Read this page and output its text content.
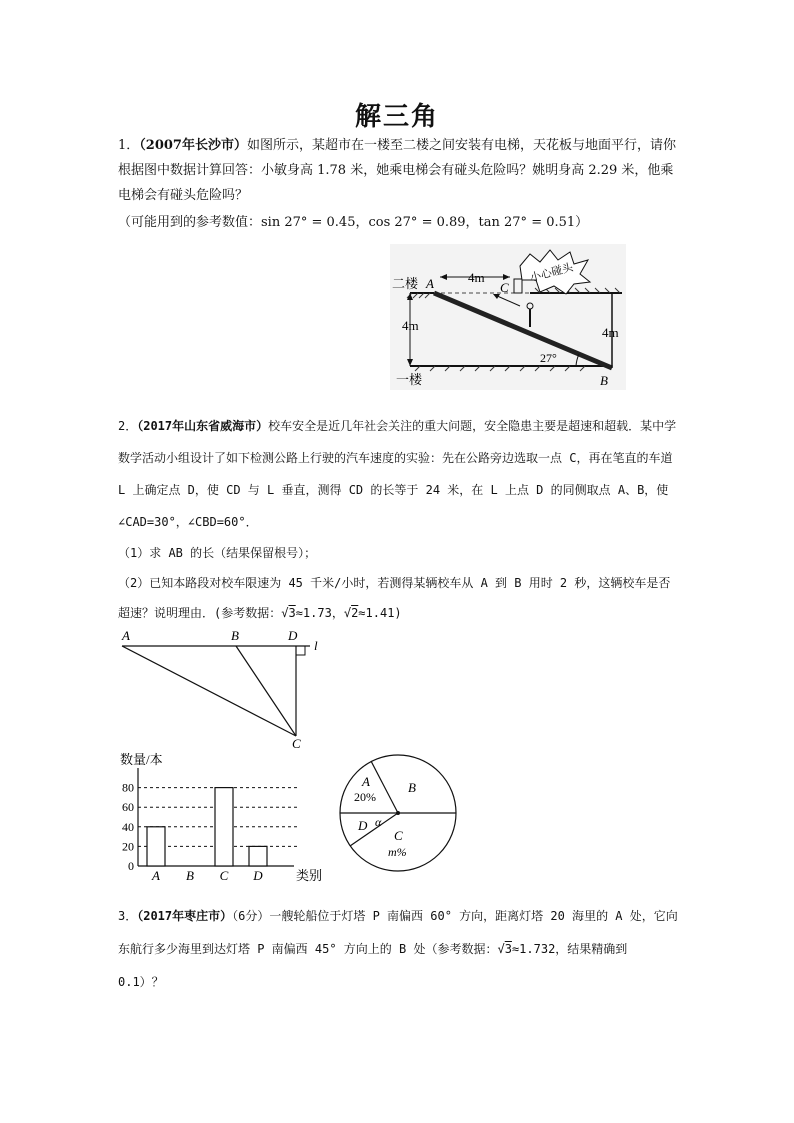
解三角
1．（2007年长沙市）如图所示，某超市在一楼至二楼之间安装有电梯，天花板与地面平行，请你根据图中数据计算回答：小敏身高 1.78 米，她乘电梯会有碰头危险吗？姚明身高 2.29 米，他乘电梯会有碰头危险吗？
（可能用到的参考数值：sin 27° = 0.45，cos 27° = 0.89，tan 27° = 0.51）
小心碰头
二楼 A	4m
C
4m	4m
27°
一楼	B
2．（2017年山东省威海市）校车安全是近几年社会关注的重大问题，安全隐患主要是超速和超载．某中学数学活动小组设计了如下检测公路上行驶的汽车速度的实验：先在公路旁边选取一点 C，再在笔直的车道 L 上确定点 D，使 CD 与 L 垂直，测得 CD 的长等于 24 米，在 L 上点 D 的同侧取点 A、B，使∠CAD=30°，∠CBD=60°．
（1）求 AB 的长（结果保留根号）；
（2）已知本路段对校车限速为 45 千米/小时，若测得某辆校车从 A 到 B 用时 2 秒，这辆校车是否超速？说明理由．(参考数据：√3≈1.73，√2≈1.41)
A	B	D
l
C
数量/本
0
20
40
60
80
A B C D	类别
A
20%
B
D α
C
m%
3．（2017年枣庄市）（6分）一艘轮船位于灯塔 P 南偏西 60° 方向，距离灯塔 20 海里的 A 处，它向东航行多少海里到达灯塔 P 南偏西 45° 方向上的 B 处（参考数据：√3≈1.732，结果精确到 0.1）？
